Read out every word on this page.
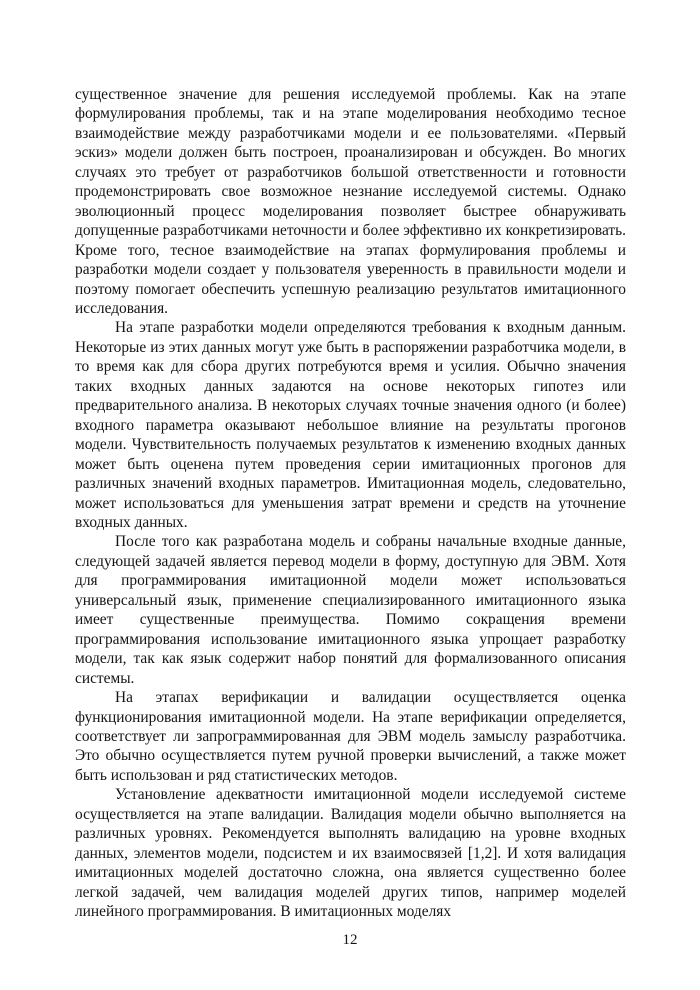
существенное значение для решения исследуемой проблемы. Как на этапе формулирования проблемы, так и на этапе моделирования необходимо тесное взаимодействие между разработчиками модели и ее пользователями. «Первый эскиз» модели должен быть построен, проанализирован и обсужден. Во многих случаях это требует от разработчиков большой ответственности и готовности продемонстрировать свое возможное незнание исследуемой системы. Однако эволюционный процесс моделирования позволяет быстрее обнаруживать допущенные разработчиками неточности и более эффективно их конкретизировать. Кроме того, тесное взаимодействие на этапах формулирования проблемы и разработки модели создает у пользователя уверенность в правильности модели и поэтому помогает обеспечить успешную реализацию результатов имитационного исследования.

На этапе разработки модели определяются требования к входным данным. Некоторые из этих данных могут уже быть в распоряжении разработчика модели, в то время как для сбора других потребуются время и усилия. Обычно значения таких входных данных задаются на основе некоторых гипотез или предварительного анализа. В некоторых случаях точные значения одного (и более) входного параметра оказывают небольшое влияние на результаты прогонов модели. Чувствительность получаемых результатов к изменению входных данных может быть оценена путем проведения серии имитационных прогонов для различных значений входных параметров. Имитационная модель, следовательно, может использоваться для уменьшения затрат времени и средств на уточнение входных данных.

После того как разработана модель и собраны начальные входные данные, следующей задачей является перевод модели в форму, доступную для ЭВМ. Хотя для программирования имитационной модели может использоваться универсальный язык, применение специализированного имитационного языка имеет существенные преимущества. Помимо сокращения времени программирования использование имитационного языка упрощает разработку модели, так как язык содержит набор понятий для формализованного описания системы.

На этапах верификации и валидации осуществляется оценка функционирования имитационной модели. На этапе верификации определяется, соответствует ли запрограммированная для ЭВМ модель замыслу разработчика. Это обычно осуществляется путем ручной проверки вычислений, а также может быть использован и ряд статистических методов.

Установление адекватности имитационной модели исследуемой системе осуществляется на этапе валидации. Валидация модели обычно выполняется на различных уровнях. Рекомендуется выполнять валидацию на уровне входных данных, элементов модели, подсистем и их взаимосвязей [1,2]. И хотя валидация имитационных моделей достаточно сложна, она является существенно более легкой задачей, чем валидация моделей других типов, например моделей линейного программирования. В имитационных моделях

12
